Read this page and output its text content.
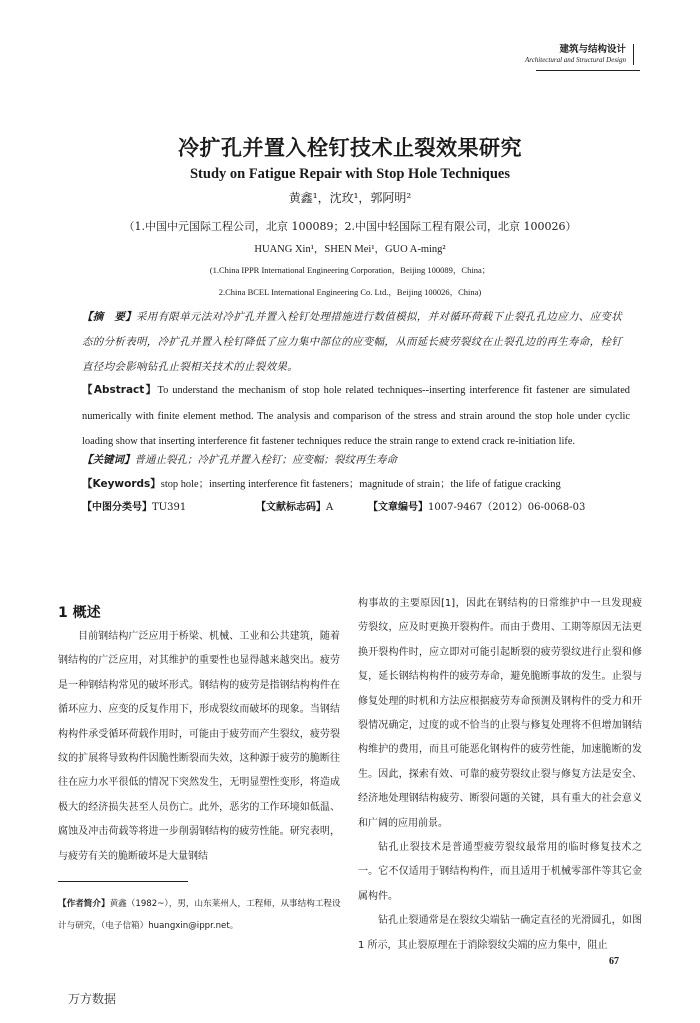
建筑与结构设计
Architectural and Structural Design
冷扩孔并置入栓钉技术止裂效果研究
Study on Fatigue Repair with Stop Hole Techniques
黄鑫¹，沈玫¹，郭阿明²
（1.中国中元国际工程公司，北京 100089；2.中国中轻国际工程有限公司，北京 100026）
HUANG Xin¹，SHEN Mei¹，GUO A-ming²
(1.China IPPR International Engineering Corporation，Beijing 100089，China；
2.China BCEL International Engineering Co. Ltd.，Beijing 100026，China)
【摘　要】采用有限单元法对冷扩孔并置入栓钉处理措施进行数值模拟，并对循环荷载下止裂孔孔边应力、应变状态的分析表明，冷扩孔并置入栓钉降低了应力集中部位的应变幅，从而延长疲劳裂纹在止裂孔边的再生寿命，栓钉直径均会影响钻孔止裂相关技术的止裂效果。
【Abstract】To understand the mechanism of stop hole related techniques--inserting interference fit fastener are simulated numerically with finite element method. The analysis and comparison of the stress and strain around the stop hole under cyclic loading show that inserting interference fit fastener techniques reduce the strain range to extend crack re-initiation life.
【关键词】普通止裂孔；冷扩孔并置入栓钉；应变幅；裂纹再生寿命
【Keywords】stop hole；inserting interference fit fasteners；magnitude of strain；the life of fatigue cracking
【中图分类号】TU391	【文献标志码】A	【文章编号】1007-9467（2012）06-0068-03
1 概述

目前钢结构广泛应用于桥梁、机械、工业和公共建筑，随着钢结构的广泛应用，对其维护的重要性也显得越来越突出。疲劳是一种钢结构常见的破坏形式。钢结构的疲劳是指钢结构构件在循环应力、应变的反复作用下，形成裂纹而破坏的现象。当钢结构构件承受循环荷载作用时，可能由于疲劳而产生裂纹，疲劳裂纹的扩展将导致构件因脆性断裂而失效，这种源于疲劳的脆断往往在应力水平很低的情况下突然发生，无明显塑性变形，将造成极大的经济损失甚至人员伤亡。此外，恶劣的工作环境如低温、腐蚀及冲击荷载等将进一步削弱钢结构的疲劳性能。研究表明，与疲劳有关的脆断破坏是大量钢结

构事故的主要原因[1]，因此在钢结构的日常维护中一旦发现疲劳裂纹，应及时更换开裂构件。而由于费用、工期等原因无法更换开裂构件时，应立即对可能引起断裂的疲劳裂纹进行止裂和修复，延长钢结构构件的疲劳寿命，避免脆断事故的发生。止裂与修复处理的时机和方法应根据疲劳寿命预测及钢构件的受力和开裂情况确定，过度的或不恰当的止裂与修复处理将不但增加钢结构维护的费用，而且可能恶化钢构件的疲劳性能，加速脆断的发生。因此，探索有效、可靠的疲劳裂纹止裂与修复方法是安全、经济地处理钢结构疲劳、断裂问题的关键，具有重大的社会意义和广阔的应用前景。

钻孔止裂技术是普通型疲劳裂纹最常用的临时修复技术之一。它不仅适用于钢结构构件，而且适用于机械零部件等其它金属构件。

钻孔止裂通常是在裂纹尖端钻一确定直径的光滑圆孔，如图 1 所示，其止裂原理在于消除裂纹尖端的应力集中，阻止

【作者简介】黄鑫（1982~），男，山东莱州人，工程师，从事结构工程设计与研究，（电子信箱）huangxin@ippr.net。
67
万方数据
